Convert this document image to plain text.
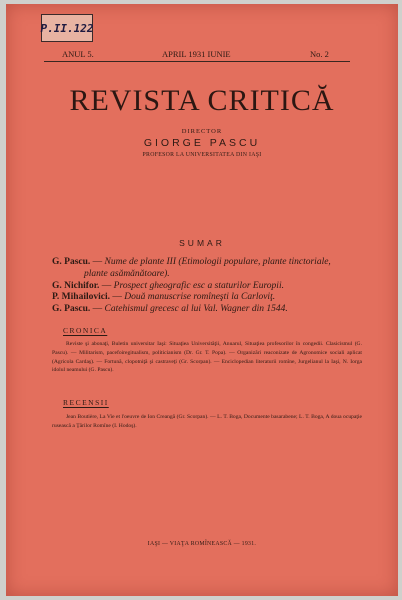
P.II.122
ANUL 5.	APRIL 1931 IUNIE	No. 2
REVISTA CRITICĂ
DIRECTOR
GIORGE PASCU
PROFESOR LA UNIVERSITATEA DIN IAŞI
SUMAR

G. Pascu. — Nume de plante III (Etimologii populare, plante tinctoriale,
plante asămănătoare).

G. Nichifor. — Prospect gheografic esc a staturilor Europii.

P. Mihailovici. — Două manuscrise romîneşti la Carloviţ.

G. Pascu. — Catehismul grecesc al lui Val. Wagner din 1544.

CRONICA
Reviste şi abonaţi, Buletin universitar Iaşi: Situaţiea Universităţii, Anuarul, Situaţiea profesorilor în congedii. Clasicismul (G. Pascu). — Militarism, pacefoiregitualism, politicianism (Dr. Gr. T. Popa). — Organizări reaconizate de Agronomice sociali aplicat (Agricola Cardaş). — Fortună, clopotniţă şi castraveţi (Gr. Scorpan). — Enciclopedian literaturii romîne, Jurgelianul la Iaşi, N. Iorga idolul neamului (G. Pascu).
RECENSII
Jean Boutière, La Vie et l'oeuvre de Ion Creangă (Gr. Scorpan). — L. T. Boga, Documente basarabene; L. T. Boga, A doua ocupaţie rusească a Ţărilor Romîne (I. Hodoş).
IAŞI — VIAŢA ROMÎNEASCĂ — 1931.
